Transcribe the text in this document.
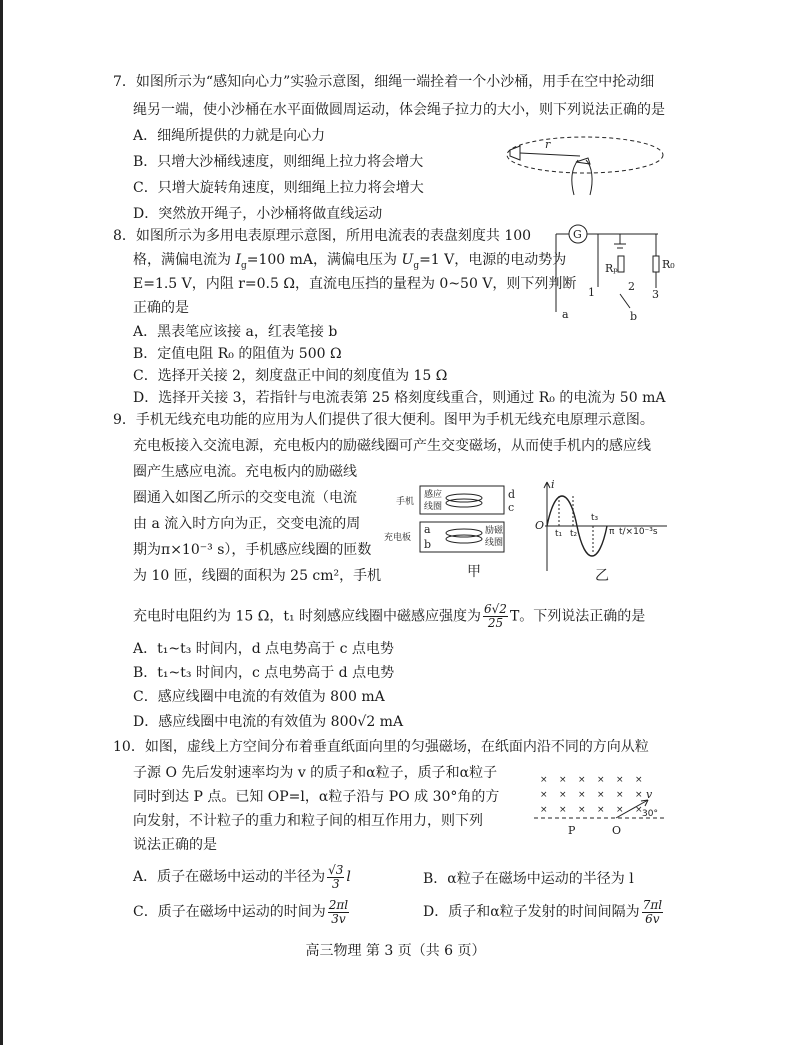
7．如图所示为“感知向心力”实验示意图，细绳一端拴着一个小沙桶，用手在空中抡动细
绳另一端，使小沙桶在水平面做圆周运动，体会绳子拉力的大小，则下列说法正确的是
A．细绳所提供的力就是向心力
B．只增大沙桶线速度，则细绳上拉力将会增大
C．只增大旋转角速度，则细绳上拉力将会增大
D．突然放开绳子，小沙桶将做直线运动
r
8．如图所示为多用电表原理示意图，所用电流表的表盘刻度共 100
格，满偏电流为 $I_g=100$ mA，满偏电压为 $U_g=1$ V，电源的电动势为
E=1.5 V，内阻 r=0.5 Ω，直流电压挡的量程为 0~50 V，则下列判断
正确的是
A．黑表笔应该接 a，红表笔接 b
B．定值电阻 R₀ 的阻值为 500 Ω
C．选择开关接 2，刻度盘正中间的刻度值为 15 Ω
D．选择开关接 3，若指针与电流表第 25 格刻度线重合，则通过 R₀ 的电流为 50 mA
G
Rₚ	R₀
1	2
3
a	b
9．手机无线充电功能的应用为人们提供了很大便利。图甲为手机无线充电原理示意图。
充电板接入交流电源，充电板内的励磁线圈可产生交变磁场，从而使手机内的感应线
圈产生感应电流。充电板内的励磁线
圈通入如图乙所示的交变电流（电流
由 a 流入时方向为正，交变电流的周
期为π×10⁻³ s），手机感应线圈的匝数
为 10 匝，线圈的面积为 25 cm²，手机
充电时电阻约为 15 Ω，t₁ 时刻感应线圈中磁感应强度为 $\frac{6√2}{25}$ T。下列说法正确的是
A．t₁~t₃ 时间内，d 点电势高于 c 点电势
B．t₁~t₃ 时间内，c 点电势高于 d 点电势
C．感应线圈中电流的有效值为 800 mA
D．感应线圈中电流的有效值为 800√2 mA
手机
充电板
感应
线圈
励磁
线圈
d
c
a
b
甲
i
O
t₁ t₂
t₃
π t/×10⁻³s
乙
10．如图，虚线上方空间分布着垂直纸面向里的匀强磁场，在纸面内沿不同的方向从粒
子源 O 先后发射速率均为 v 的质子和α粒子，质子和α粒子
同时到达 P 点。已知 OP=l，α粒子沿与 PO 成 30°角的方
向发射，不计粒子的重力和粒子间的相互作用力，则下列
说法正确的是
× × × × × ×
× × × × × ×
× × × × × ×
v
30°
P	O
A．质子在磁场中运动的半径为 $\frac{√3}{3}$ l	B．α粒子在磁场中运动的半径为 l
C．质子在磁场中运动的时间为 $\frac{2\pi l}{3v}$	D．质子和α粒子发射的时间间隔为 $\frac{7\pi l}{6v}$
高三物理 第 3 页（共 6 页）
